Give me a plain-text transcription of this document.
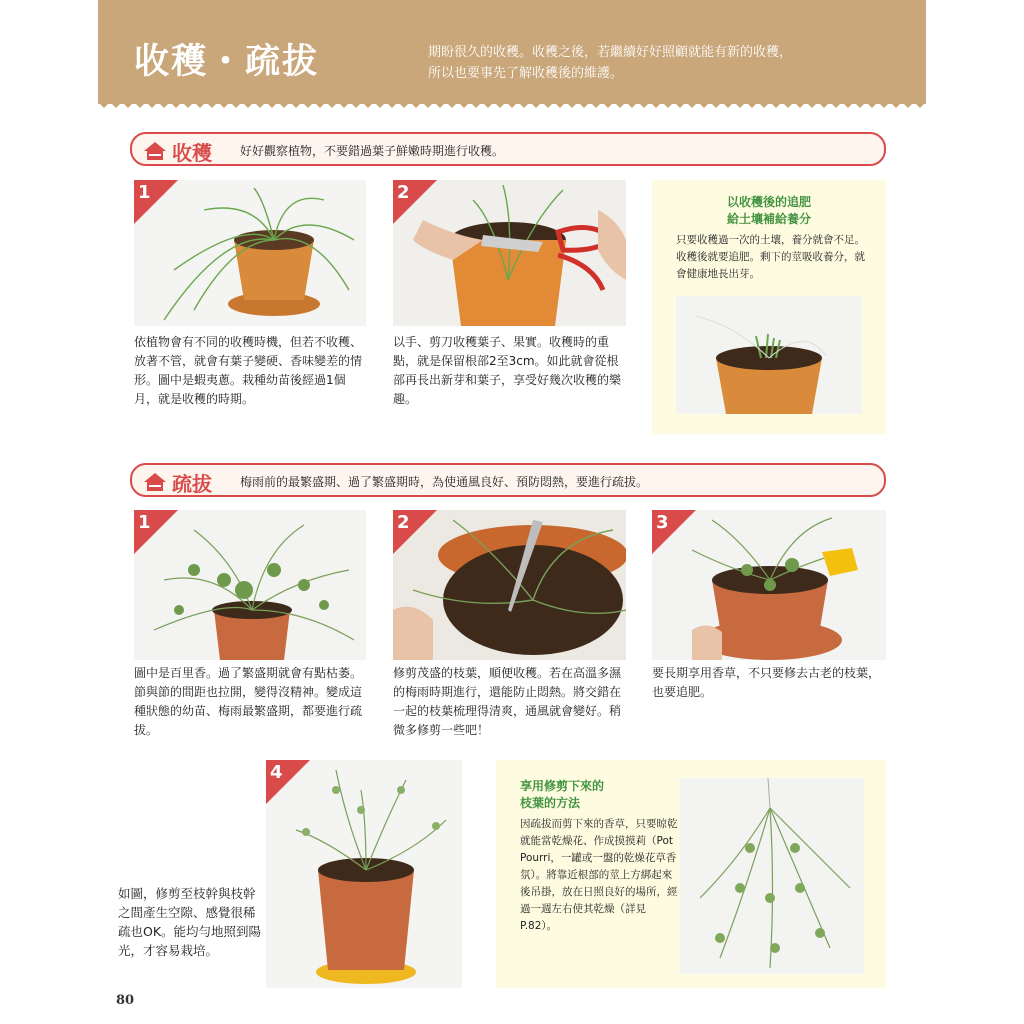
收穫・疏拔	期盼很久的收穫。收穫之後，若繼續好好照顧就能有新的收穫，
所以也要事先了解收穫後的維護。
收穫 好好觀察植物，不要錯過葉子鮮嫩時期進行收穫。
1
依植物會有不同的收穫時機，但若不收穫、放著不管，就會有葉子變硬、香味變差的情形。圖中是蝦夷蔥。栽種幼苗後經過1個月，就是收穫的時期。
2
以手、剪刀收穫葉子、果實。收穫時的重點，就是保留根部2至3cm。如此就會從根部再長出新芽和葉子，享受好幾次收穫的樂趣。
以收穫後的追肥
給土壤補給養分
只要收穫過一次的土壤，養分就會不足。收穫後就要追肥。剩下的莖吸收養分，就會健康地長出芽。
疏拔 梅雨前的最繁盛期、過了繁盛期時，為使通風良好、預防悶熱，要進行疏拔。
1
圖中是百里香。過了繁盛期就會有點枯萎。節與節的間距也拉開，變得沒精神。變成這種狀態的幼苗、梅雨最繁盛期，都要進行疏拔。
2
修剪茂盛的枝葉，順便收穫。若在高溫多濕的梅雨時期進行，還能防止悶熱。將交錯在一起的枝葉梳理得清爽，通風就會變好。稍微多修剪一些吧！
3
要長期享用香草，不只要修去古老的枝葉，也要追肥。
4
如圖，修剪至枝幹與枝幹之間產生空隙、感覺很稀疏也OK。能均勻地照到陽光，才容易栽培。
享用修剪下來的
枝葉的方法
因疏拔而剪下來的香草，只要晾乾就能當乾燥花、作成摸摸莉（Pot Pourri，一罐或一盤的乾燥花草香氛）。將靠近根部的莖上方綁起來後吊掛，放在日照良好的場所，經過一週左右使其乾燥（詳見P.82）。
80
